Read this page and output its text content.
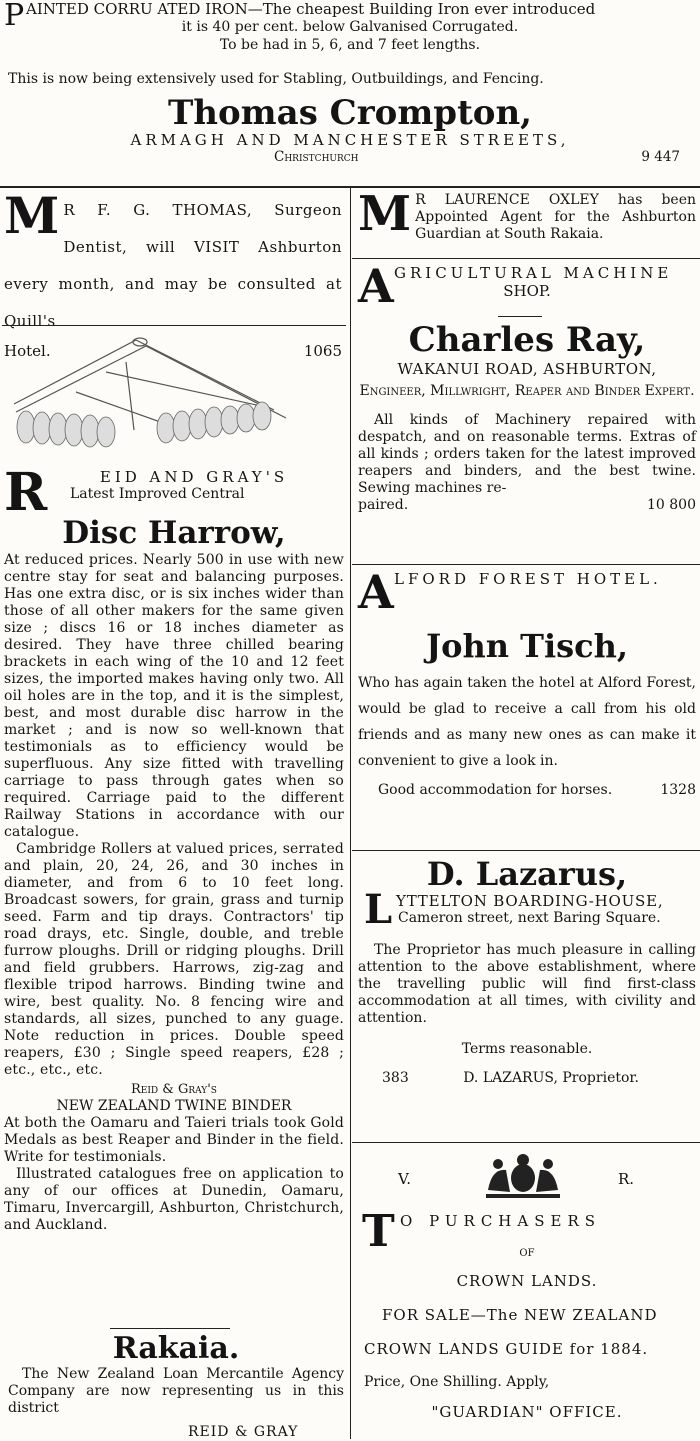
P AINTED CORRU ATED IRON—The cheapest Building Iron ever introduced
it is 40 per cent. below Galvanised Corrugated.
To be had in 5, 6, and 7 feet lengths.
This is now being extensively used for Stabling, Outbuildings, and Fencing.
Thomas Crompton,
ARMAGH AND MANCHESTER STREETS,
Christchurch	9 447
M R F. G. THOMAS, Surgeon Dentist, will VISIT Ashburton every month, and may be consulted at Quill's
Hotel.	1065
R	EID AND GRAY'S
Latest Improved Central
Disc Harrow,
At reduced prices. Nearly 500 in use with new centre stay for seat and balancing purposes. Has one extra disc, or is six inches wider than those of all other makers for the same given size ; discs 16 or 18 inches diameter as desired. They have three chilled bearing brackets in each wing of the 10 and 12 feet sizes, the imported makes having only two. All oil holes are in the top, and it is the simplest, best, and most durable disc harrow in the market ; and is now so well-known that testimonials as to efficiency would be superfluous. Any size fitted with travelling carriage to pass through gates when so required. Carriage paid to the different Railway Stations in accordance with our catalogue.
Cambridge Rollers at valued prices, serrated and plain, 20, 24, 26, and 30 inches in diameter, and from 6 to 10 feet long. Broadcast sowers, for grain, grass and turnip seed. Farm and tip drays. Contractors' tip road drays, etc. Single, double, and treble furrow ploughs. Drill or ridging ploughs. Drill and field grubbers. Harrows, zig-zag and flexible tripod harrows. Binding twine and wire, best quality. No. 8 fencing wire and standards, all sizes, punched to any guage. Note reduction in prices. Double speed reapers, £30 ; Single speed reapers, £28 ; etc., etc., etc.
Reid & Gray's
NEW ZEALAND TWINE BINDER
At both the Oamaru and Taieri trials took Gold Medals as best Reaper and Binder in the field. Write for testimonials.
Illustrated catalogues free on application to any of our offices at Dunedin, Oamaru, Timaru, Invercargill, Ashburton, Christchurch, and Auckland.
Rakaia.
The New Zealand Loan Mercantile Agency Company are now representing us in this district
REID & GRAY
M R LAURENCE OXLEY has been Appointed Agent for the Ashburton Guardian at South Rakaia.
A GRICULTURAL MACHINE
SHOP.
Charles Ray,
WAKANUI ROAD, ASHBURTON,
Engineer, Millwright, Reaper and Binder Expert.
All kinds of Machinery repaired with despatch, and on reasonable terms. Extras of all kinds ; orders taken for the latest improved reapers and binders, and the best twine. Sewing machines re-
paired.	10 800
A LFORD FOREST HOTEL.
John Tisch,
Who has again taken the hotel at Alford Forest, would be glad to receive a call from his old friends and as many new ones as can make it convenient to give a look in.
Good accommodation for horses.	1328
D. Lazarus,
L YTTELTON BOARDING-HOUSE,
Cameron street, next Baring Square.
The Proprietor has much pleasure in calling attention to the above establishment, where the travelling public will find first-class accommodation at all times, with civility and attention.
Terms reasonable.
383	D. LAZARUS, Proprietor.
V.	R.
T O PURCHASERS
OF
CROWN LANDS.
FOR SALE—The NEW ZEALAND
CROWN LANDS GUIDE for 1884.
Price, One Shilling. Apply,
"GUARDIAN" OFFICE.
